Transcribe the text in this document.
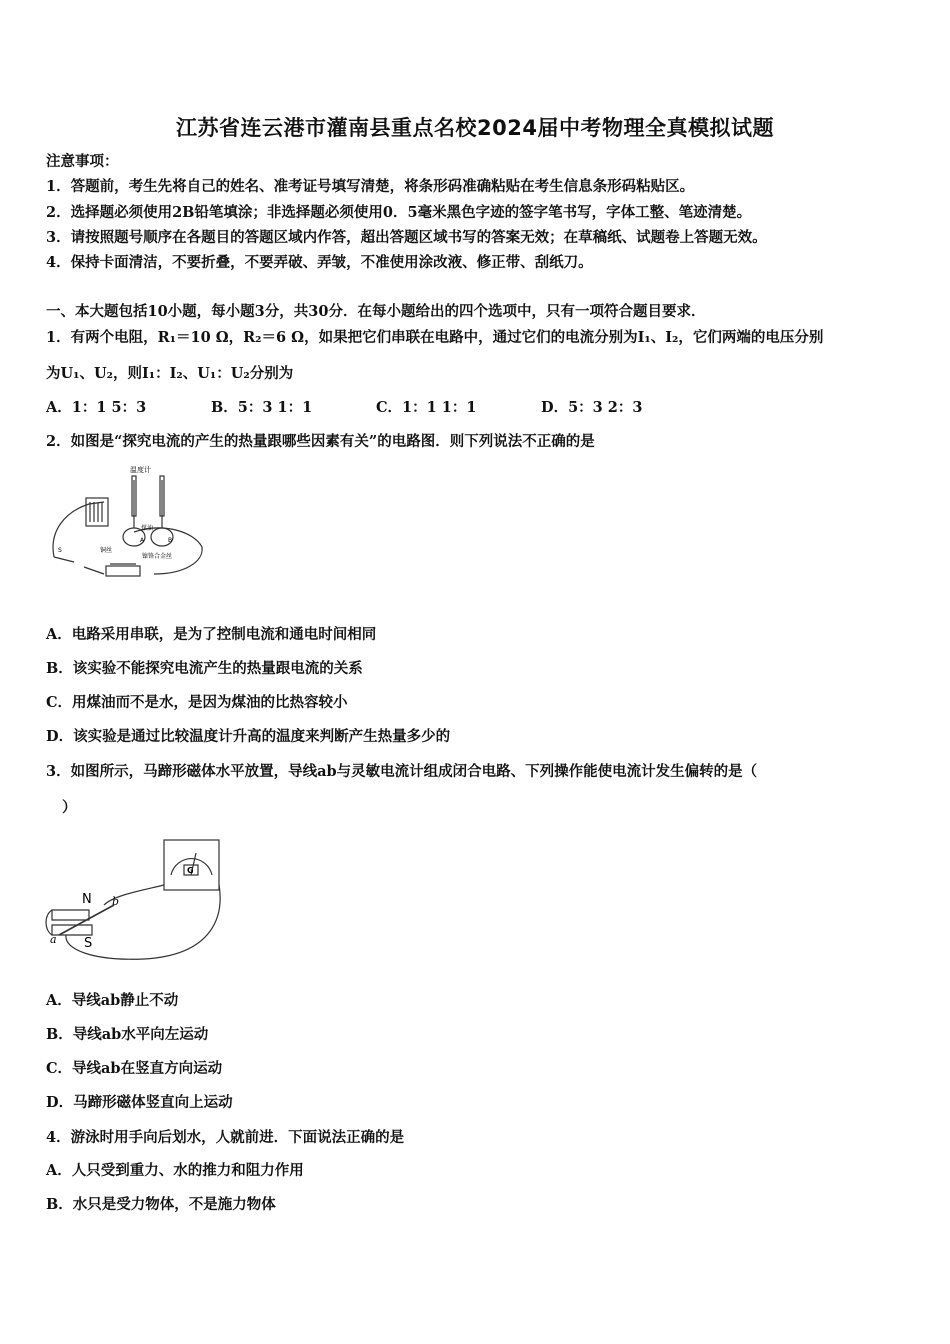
江苏省连云港市灌南县重点名校2024届中考物理全真模拟试题
注意事项：
1．答题前，考生先将自己的姓名、准考证号填写清楚，将条形码准确粘贴在考生信息条形码粘贴区。
2．选择题必须使用2B铅笔填涂；非选择题必须使用0．5毫米黑色字迹的签字笔书写，字体工整、笔迹清楚。
3．请按照题号顺序在各题目的答题区域内作答，超出答题区域书写的答案无效；在草稿纸、试题卷上答题无效。
4．保持卡面清洁，不要折叠，不要弄破、弄皱，不准使用涂改液、修正带、刮纸刀。
一、本大题包括10小题，每小题3分，共30分．在每小题给出的四个选项中，只有一项符合题目要求．
1．有两个电阻，R₁＝10 Ω，R₂＝6 Ω，如果把它们串联在电路中，通过它们的电流分别为I₁、I₂，它们两端的电压分别
为U₁、U₂，则I₁：I₂、U₁：U₂分别为
A．1：1 5：3	B．5：3 1：1	C．1：1 1：1	D．5：3 2：3
2．如图是“探究电流的产生的热量跟哪些因素有关”的电路图．则下列说法不正确的是
温度计
煤油
铜丝
镍铬合金丝
A	B
S
A．电路采用串联，是为了控制电流和通电时间相同
B．该实验不能探究电流产生的热量跟电流的关系
C．用煤油而不是水，是因为煤油的比热容较小
D．该实验是通过比较温度计升高的温度来判断产生热量多少的
3．如图所示，马蹄形磁体水平放置，导线ab与灵敏电流计组成闭合电路、下列操作能使电流计发生偏转的是（
）
N
S
a
b
G
A．导线ab静止不动
B．导线ab水平向左运动
C．导线ab在竖直方向运动
D．马蹄形磁体竖直向上运动
4．游泳时用手向后划水，人就前进．下面说法正确的是
A．人只受到重力、水的推力和阻力作用
B．水只是受力物体，不是施力物体
